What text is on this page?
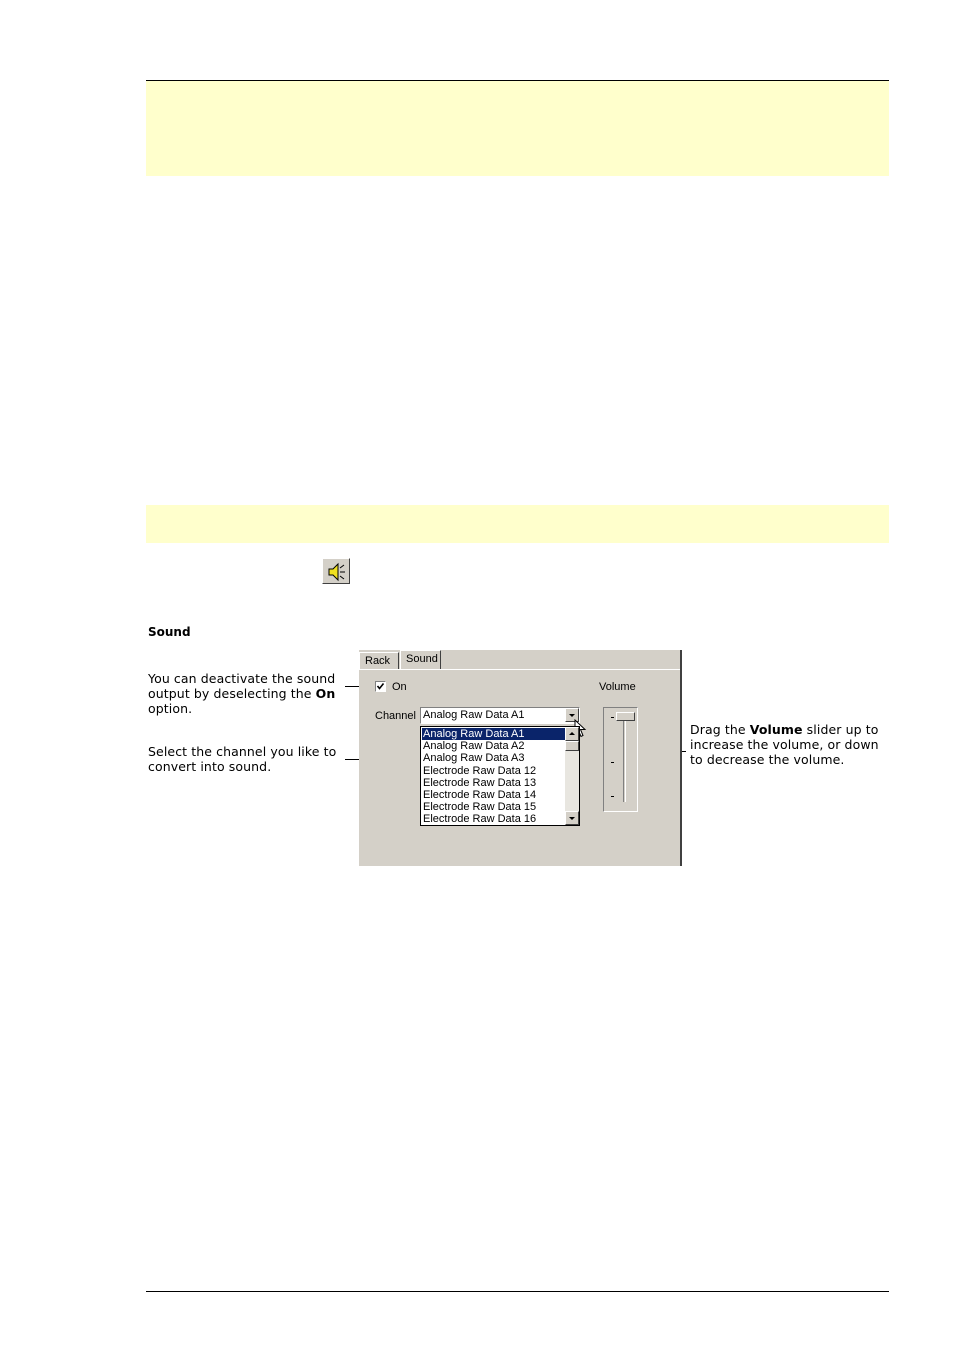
Sound
You can deactivate the sound output by deselecting the On option.
Select the channel you like to convert into sound.
Drag the Volume slider up to increase the volume, or down to decrease the volume.
Rack	Sound
On	Volume
Channel Analog Raw Data A1
Analog Raw Data A1
Analog Raw Data A2
Analog Raw Data A3
Electrode Raw Data 12
Electrode Raw Data 13
Electrode Raw Data 14
Electrode Raw Data 15
Electrode Raw Data 16
